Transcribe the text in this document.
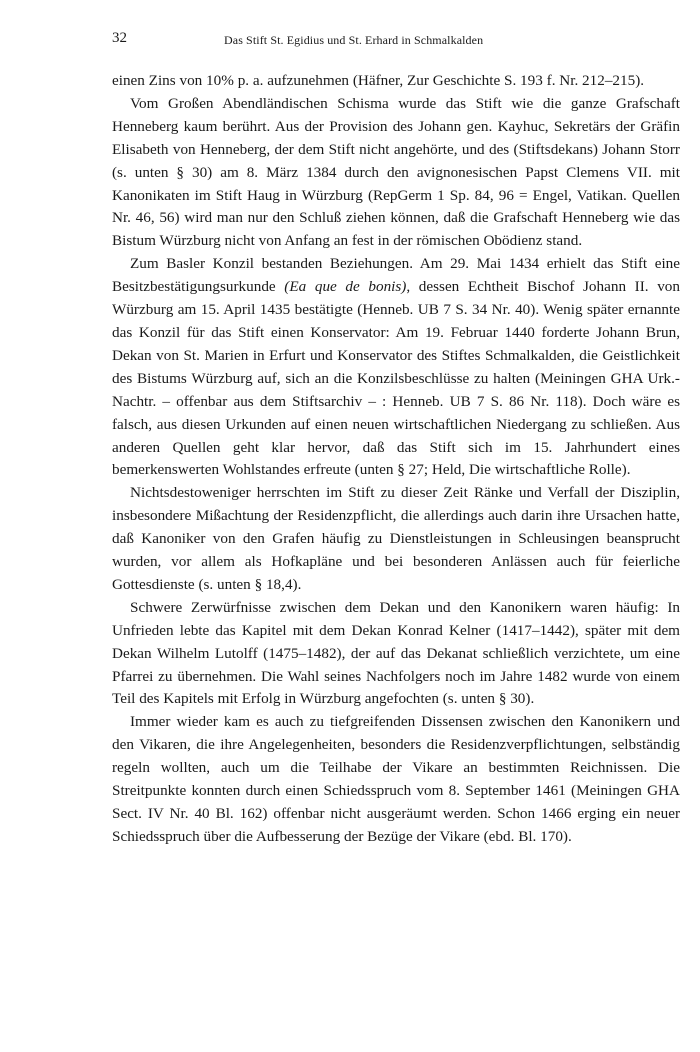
32	Das Stift St. Egidius und St. Erhard in Schmalkalden

einen Zins von 10% p. a. aufzunehmen (Häfner, Zur Geschichte S. 193 f. Nr. 212–215).

Vom Großen Abendländischen Schisma wurde das Stift wie die ganze Grafschaft Henneberg kaum berührt. Aus der Provision des Johann gen. Kayhuc, Sekretärs der Gräfin Elisabeth von Henneberg, der dem Stift nicht angehörte, und des (Stiftsdekans) Johann Storr (s. unten § 30) am 8. März 1384 durch den avignonesischen Papst Clemens VII. mit Kanonikaten im Stift Haug in Würzburg (RepGerm 1 Sp. 84, 96 = Engel, Vatikan. Quellen Nr. 46, 56) wird man nur den Schluß ziehen können, daß die Grafschaft Henneberg wie das Bistum Würzburg nicht von Anfang an fest in der römischen Obödienz stand.

Zum Basler Konzil bestanden Beziehungen. Am 29. Mai 1434 erhielt das Stift eine Besitzbestätigungsurkunde (Ea que de bonis), dessen Echtheit Bischof Johann II. von Würzburg am 15. April 1435 bestätigte (Henneb. UB 7 S. 34 Nr. 40). Wenig später ernannte das Konzil für das Stift einen Konservator: Am 19. Februar 1440 forderte Johann Brun, Dekan von St. Marien in Erfurt und Konservator des Stiftes Schmalkalden, die Geistlichkeit des Bistums Würzburg auf, sich an die Konzilsbeschlüsse zu halten (Meiningen GHA Urk.-Nachtr. – offenbar aus dem Stiftsarchiv – : Henneb. UB 7 S. 86 Nr. 118). Doch wäre es falsch, aus diesen Urkunden auf einen neuen wirtschaftlichen Niedergang zu schließen. Aus anderen Quellen geht klar hervor, daß das Stift sich im 15. Jahrhundert eines bemerkenswerten Wohlstandes erfreute (unten § 27; Held, Die wirtschaftliche Rolle).

Nichtsdestoweniger herrschten im Stift zu dieser Zeit Ränke und Verfall der Disziplin, insbesondere Mißachtung der Residenzpflicht, die allerdings auch darin ihre Ursachen hatte, daß Kanoniker von den Grafen häufig zu Dienstleistungen in Schleusingen beansprucht wurden, vor allem als Hofkapläne und bei besonderen Anlässen auch für feierliche Gottesdienste (s. unten § 18,4).

Schwere Zerwürfnisse zwischen dem Dekan und den Kanonikern waren häufig: In Unfrieden lebte das Kapitel mit dem Dekan Konrad Kelner (1417–1442), später mit dem Dekan Wilhelm Lutolff (1475–1482), der auf das Dekanat schließlich verzichtete, um eine Pfarrei zu übernehmen. Die Wahl seines Nachfolgers noch im Jahre 1482 wurde von einem Teil des Kapitels mit Erfolg in Würzburg angefochten (s. unten § 30).

Immer wieder kam es auch zu tiefgreifenden Dissensen zwischen den Kanonikern und den Vikaren, die ihre Angelegenheiten, besonders die Residenzverpflichtungen, selbständig regeln wollten, auch um die Teilhabe der Vikare an bestimmten Reichnissen. Die Streitpunkte konnten durch einen Schiedsspruch vom 8. September 1461 (Meiningen GHA Sect. IV Nr. 40 Bl. 162) offenbar nicht ausgeräumt werden. Schon 1466 erging ein neuer Schiedsspruch über die Aufbesserung der Bezüge der Vikare (ebd. Bl. 170).
